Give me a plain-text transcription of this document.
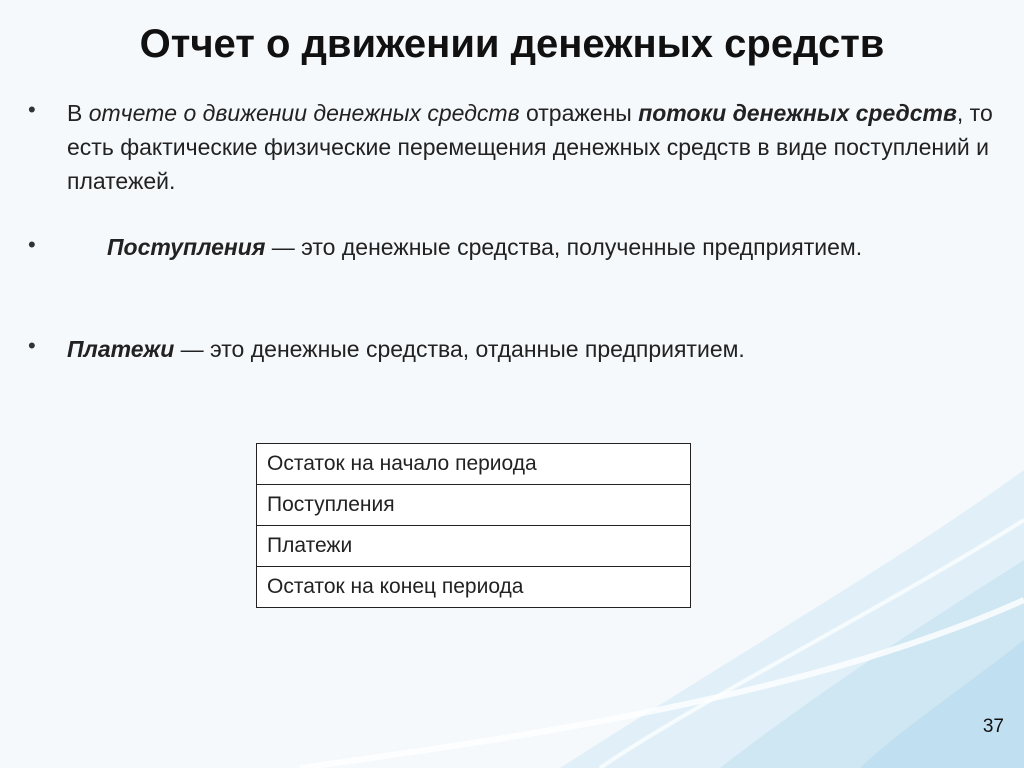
Отчет о движении денежных средств
• В отчете о движении денежных средств отражены потоки денежных средств, то есть фактические физические перемещения денежных средств в виде поступлений и платежей.

•	Поступления — это денежные средства, полученные предприятием.

• Платежи — это денежные средства, отданные предприятием.

Остаток на начало периода
Поступления
Платежи
Остаток на конец периода
37
